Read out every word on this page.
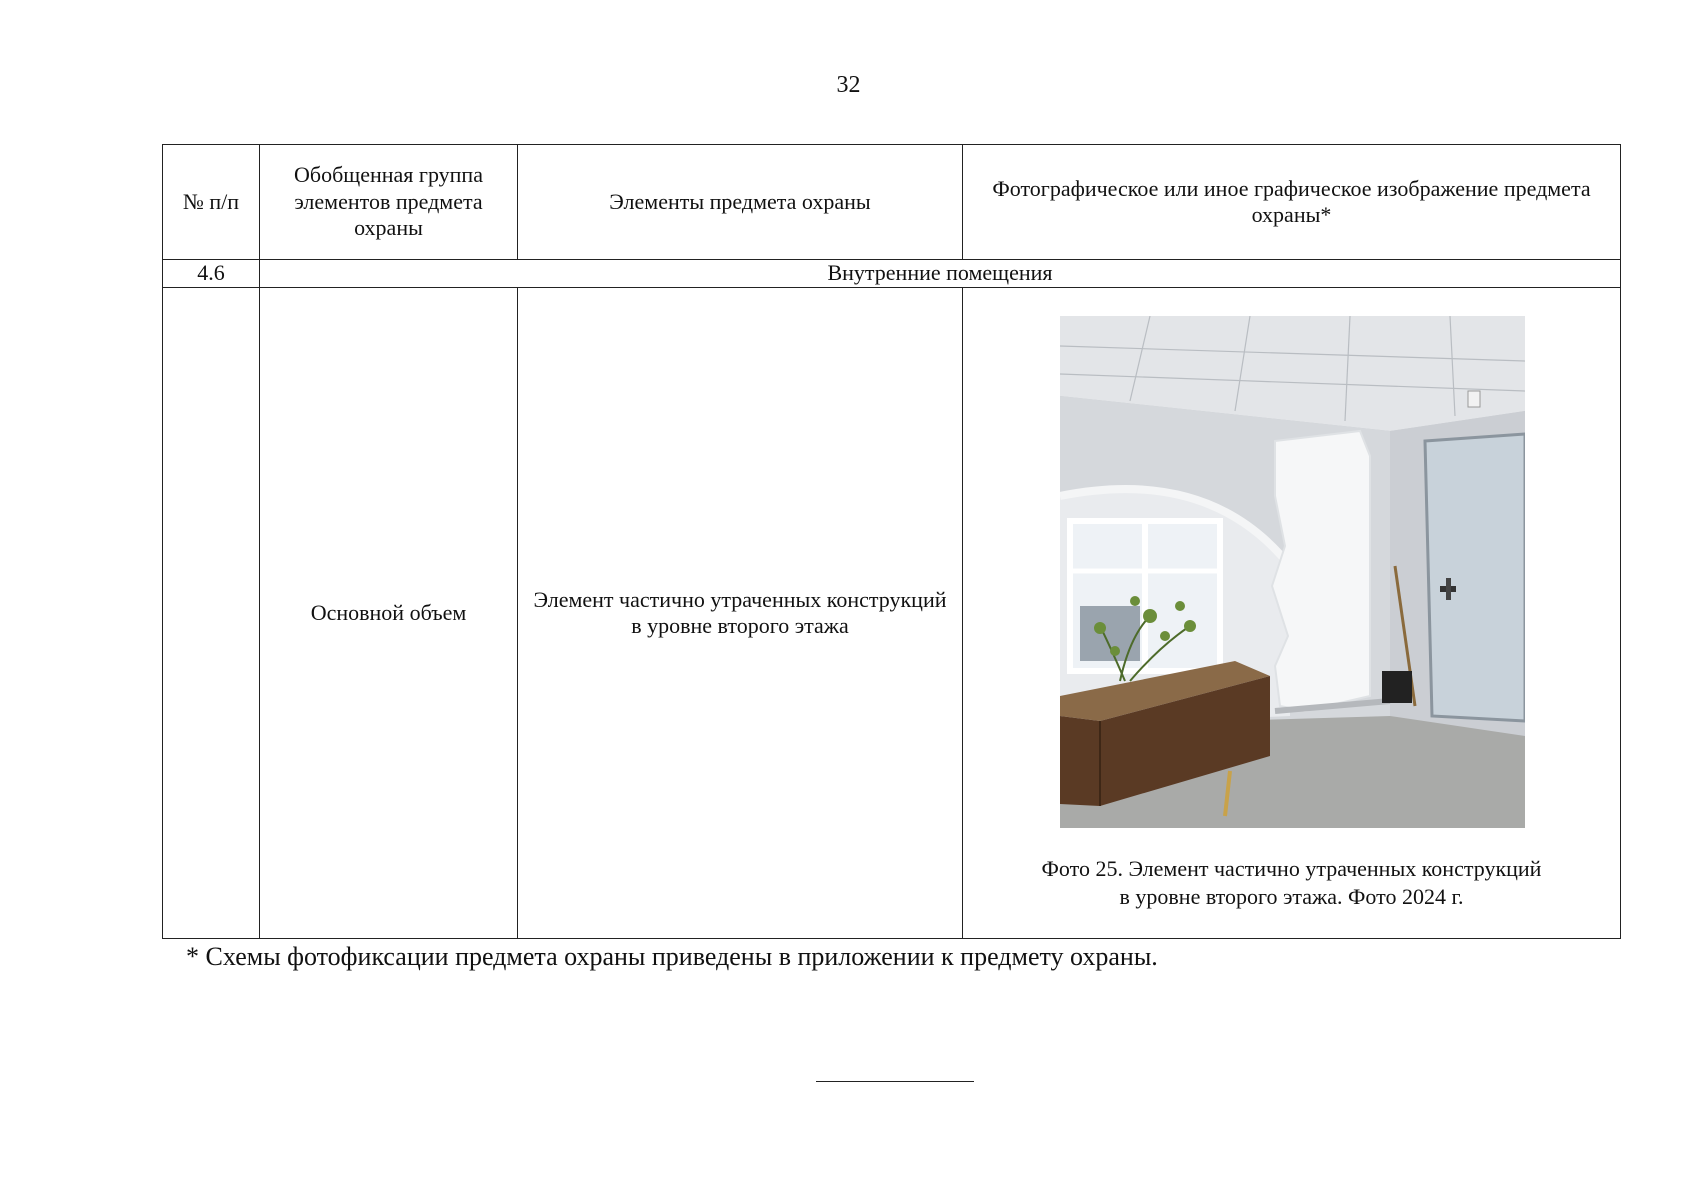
32
№ п/п	Обобщенная группа элементов предмета охраны	Элементы предмета охраны	Фотографическое или иное графическое изображение предмета охраны*
4.6	Внутренние помещения		
	Основной объем	Элемент частично утраченных конструкций в уровне второго этажа	Фото 25. Элемент частично утраченных конструкций
в уровне второго этажа. Фото 2024 г.
* Схемы фотофиксации предмета охраны приведены в приложении к предмету охраны.
